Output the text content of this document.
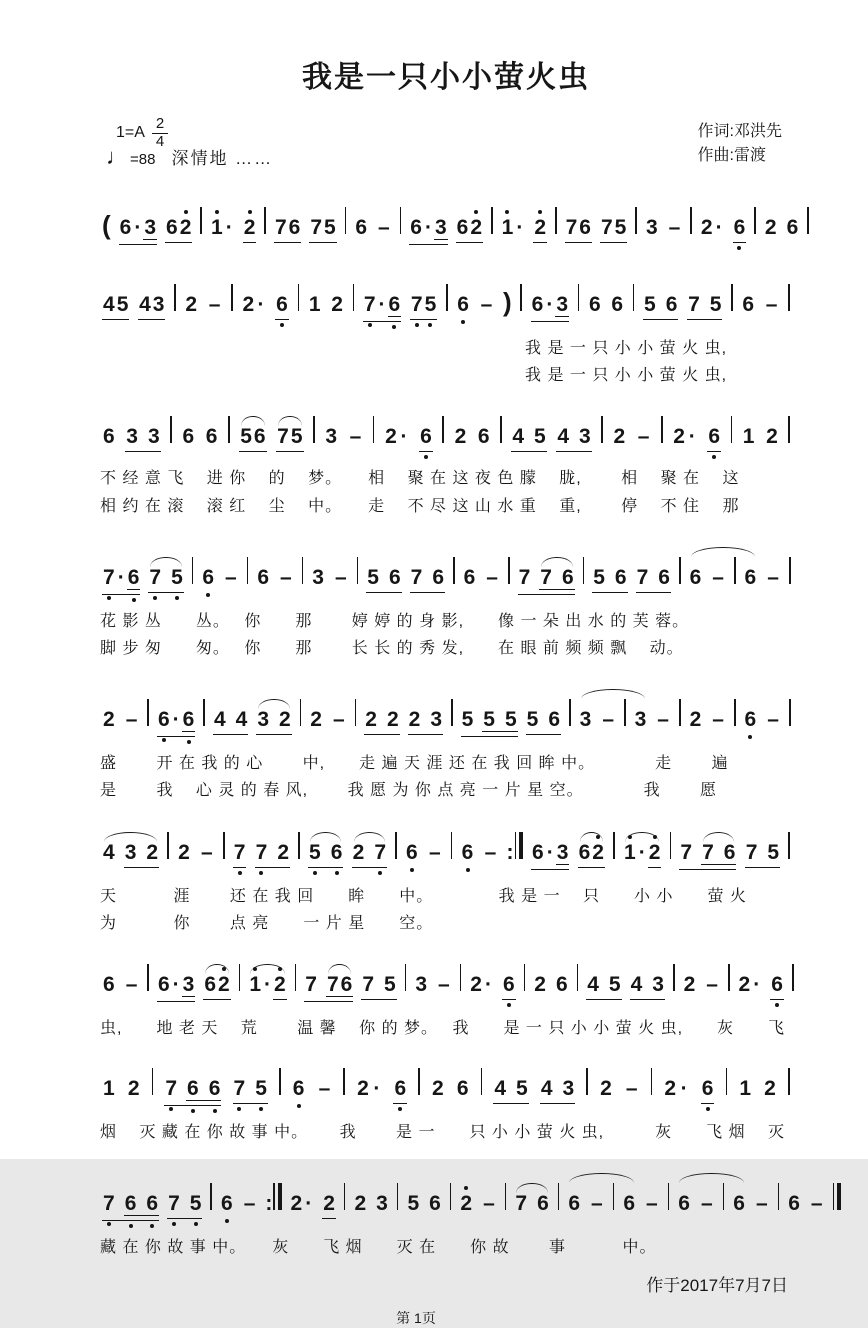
我是一只小小萤火虫
$1=A \frac{2}{4}$
♩ =88 深情地 ……
作词:邓洪先
作曲:雷渡
( 6 · 3 6 2 1 · 2 7 6 7 5 6 – 6 · 3 6 2 1 · 2 7 6 7 5 3 – 2 · 6 2 6
4 5 4 3 2 – 2 · 6 1 2 7 · 6 7 5 6 – ) 6 · 3 6 6 5 6 7 5 6 –
　　　　　　　　　　　　　　　　　　　　　　　　　我 是 一 只 小 小 萤 火 虫,
　　　　　　　　　　　　　　　　　　　　　　　　　我 是 一 只 小 小 萤 火 虫,
6 3 3 6 6 5 6 7 5 3 – 2 · 6 2 6 4 5 4 3 2 – 2 · 6 1 2
不 经 意 飞　 进 你　 的　 梦。　　相　 聚 在 这 夜 色 朦　 胧,　　 相　 聚 在　 这
相 约 在 滚　 滚 红　 尘　 中。　　走　 不 尽 这 山 水 重　 重,　　 停　 不 住　 那
7 · 6 7 5 6 – 6 – 3 – 5 6 7 6 6 – 7 7 6 5 6 7 6 6 – 6 –
花 影 丛　　丛。　 你　　那　　 婷 婷 的 身 影,　　像 一 朵 出 水 的 芙 蓉。
脚 步 匆　　匆。　 你　　那　　 长 长 的 秀 发,　　在 眼 前 频 频 飘　 动。
2 – 6 · 6 4 4 3 2 2 – 2 2 2 3 5 5 5 5 6 3 – 3 – 2 – 6 –
盛　　 开 在 我 的 心　　 中,　　走 遍 天 涯 还 在 我 回 眸 中。　　　　走　　 遍
是　　 我　 心 灵 的 春 风,　　 我 愿 为 你 点 亮 一 片 星 空。　　　　我　　 愿
4 3 2 2 – 7 7 2 5 6 2 7 6 – 6 – : 6 · 3 6 2 1 · 2 7 7 6 7 5
天　　　 涯　　 还 在 我 回　　眸　　中。　　　　 我 是 一　 只　　小 小　　萤 火
为　　　 你　　 点 亮　　一 片 星　　空。
6 – 6 · 3 6 2 1 · 2 7 7 6 7 5 3 – 2 · 6 2 6 4 5 4 3 2 – 2 · 6
虫,　　地 老 天　 荒　　 温 馨　 你 的 梦。　 我　　是 一 只 小 小 萤 火 虫,　　灰　　飞
1 2 7 6 6 7 5 6 – 2 · 6 2 6 4 5 4 3 2 – 2 · 6 1 2
烟　 灭 藏 在 你 故 事 中。　　 我　　 是 一　　只 小 小 萤 火 虫,　　　灰　　飞 烟　 灭
7 6 6 7 5 6 – : 2 · 2 2 3 5 6 2 – 7 6 6 – 6 – 6 – 6 – 6 –
藏 在 你 故 事 中。　　灰　　飞 烟　　灭 在　　你 故　　 事　　　 中。
作于2017年7月7日
第 1页
